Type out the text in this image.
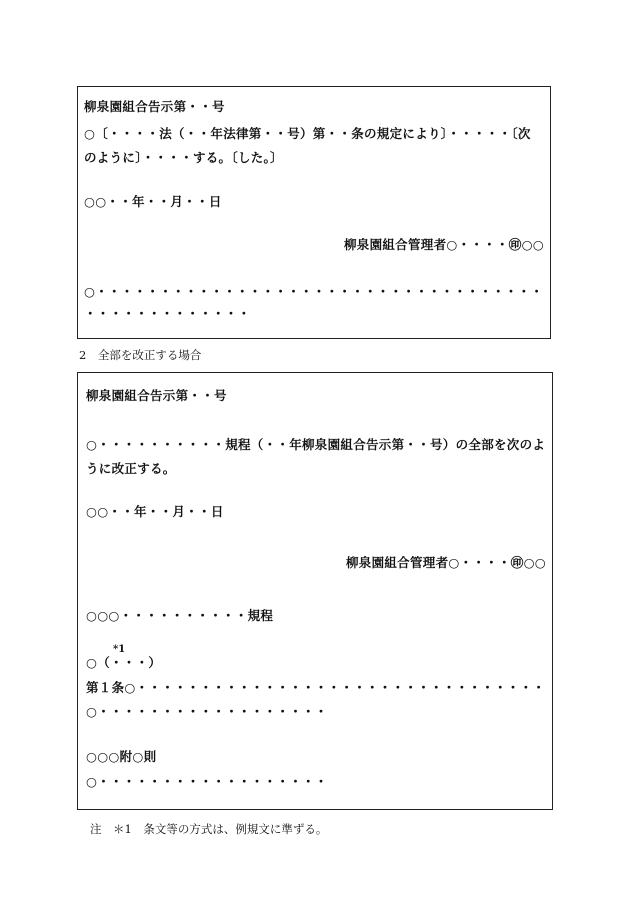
柳泉園組合告示第・・号
○〔・・・・法（・・年法律第・・号）第・・条の規定により〕・・・・・〔次
のように〕・・・・する。〔した。〕
○○・・年・・月・・日
柳泉園組合管理者○・・・・㊞○○
○・・・・・・・・・・・・・・・・・・・・・・・・・・・・・・・・・・・
・・・・・・・・・・・・・
2　全部を改正する場合
柳泉園組合告示第・・号
○・・・・・・・・・・規程（・・年柳泉園組合告示第・・号）の全部を次のよ
うに改正する。
○○・・年・・月・・日
柳泉園組合管理者○・・・・㊞○○
○○○・・・・・・・・・・規程
*1
○（・・・）
第１条○・・・・・・・・・・・・・・・・・・・・・・・・・・・・・・・・
○・・・・・・・・・・・・・・・・・・
○○○附○則
○・・・・・・・・・・・・・・・・・・
注　＊1　条文等の方式は、例規文に準ずる。
